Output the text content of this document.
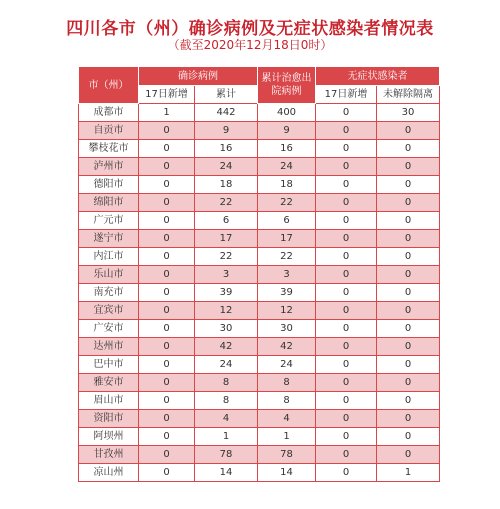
四川各市（州）确诊病例及无症状感染者情况表
（截至2020年12月18日0时）
市（州）	确诊病例		累计治愈出院病例	无症状感染者	
	17日新增	累计		17日新增	未解除隔离
成都市	1	442	400	0	30
自贡市	0	9	9	0	0
攀枝花市	0	16	16	0	0
泸州市	0	24	24	0	0
德阳市	0	18	18	0	0
绵阳市	0	22	22	0	0
广元市	0	6	6	0	0
遂宁市	0	17	17	0	0
内江市	0	22	22	0	0
乐山市	0	3	3	0	0
南充市	0	39	39	0	0
宜宾市	0	12	12	0	0
广安市	0	30	30	0	0
达州市	0	42	42	0	0
巴中市	0	24	24	0	0
雅安市	0	8	8	0	0
眉山市	0	8	8	0	0
资阳市	0	4	4	0	0
阿坝州	0	1	1	0	0
甘孜州	0	78	78	0	0
凉山州	0	14	14	0	1
